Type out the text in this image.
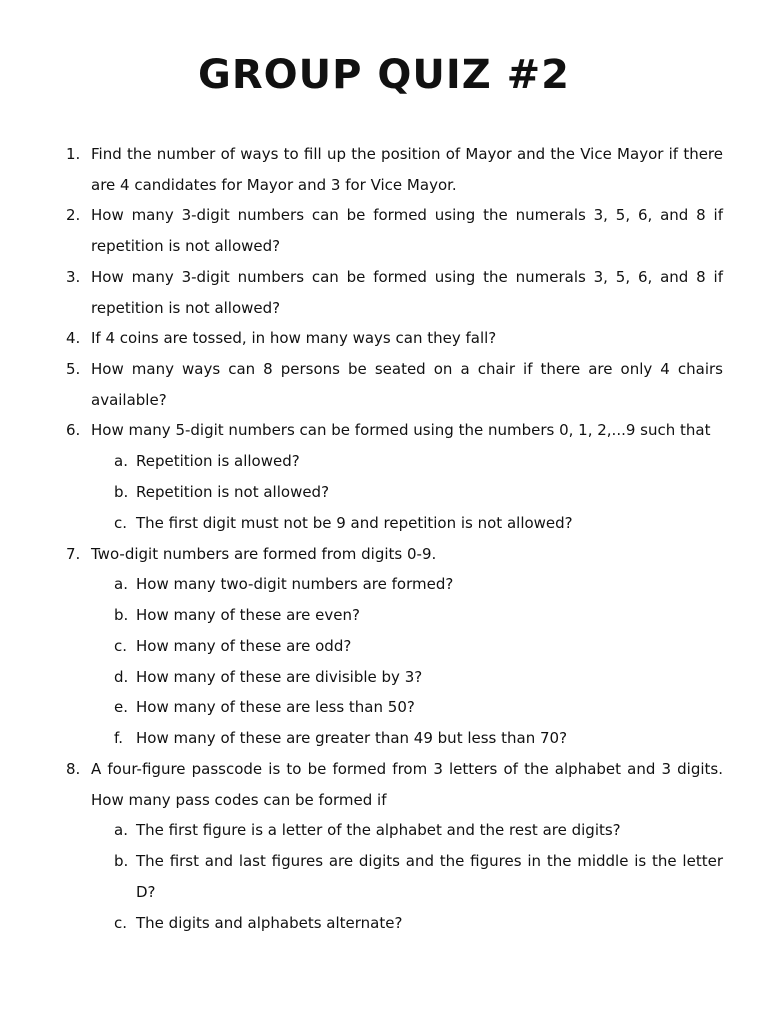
GROUP QUIZ #2
1. Find the number of ways to fill up the position of Mayor and the Vice Mayor if there are 4 candidates for Mayor and 3 for Vice Mayor.
2. How many 3-digit numbers can be formed using the numerals 3, 5, 6, and 8 if repetition is not allowed?
3. How many 3-digit numbers can be formed using the numerals 3, 5, 6, and 8 if repetition is not allowed?
4. If 4 coins are tossed, in how many ways can they fall?
5. How many ways can 8 persons be seated on a chair if there are only 4 chairs available?
6. How many 5-digit numbers can be formed using the numbers 0, 1, 2,...9 such that
a. Repetition is allowed?
b. Repetition is not allowed?
c. The first digit must not be 9 and repetition is not allowed?
7. Two-digit numbers are formed from digits 0-9.
a. How many two-digit numbers are formed?
b. How many of these are even?
c. How many of these are odd?
d. How many of these are divisible by 3?
e. How many of these are less than 50?
f. How many of these are greater than 49 but less than 70?
8. A four-figure passcode is to be formed from 3 letters of the alphabet and 3 digits. How many pass codes can be formed if
a. The first figure is a letter of the alphabet and the rest are digits?
b. The first and last figures are digits and the figures in the middle is the letter D?
c. The digits and alphabets alternate?
